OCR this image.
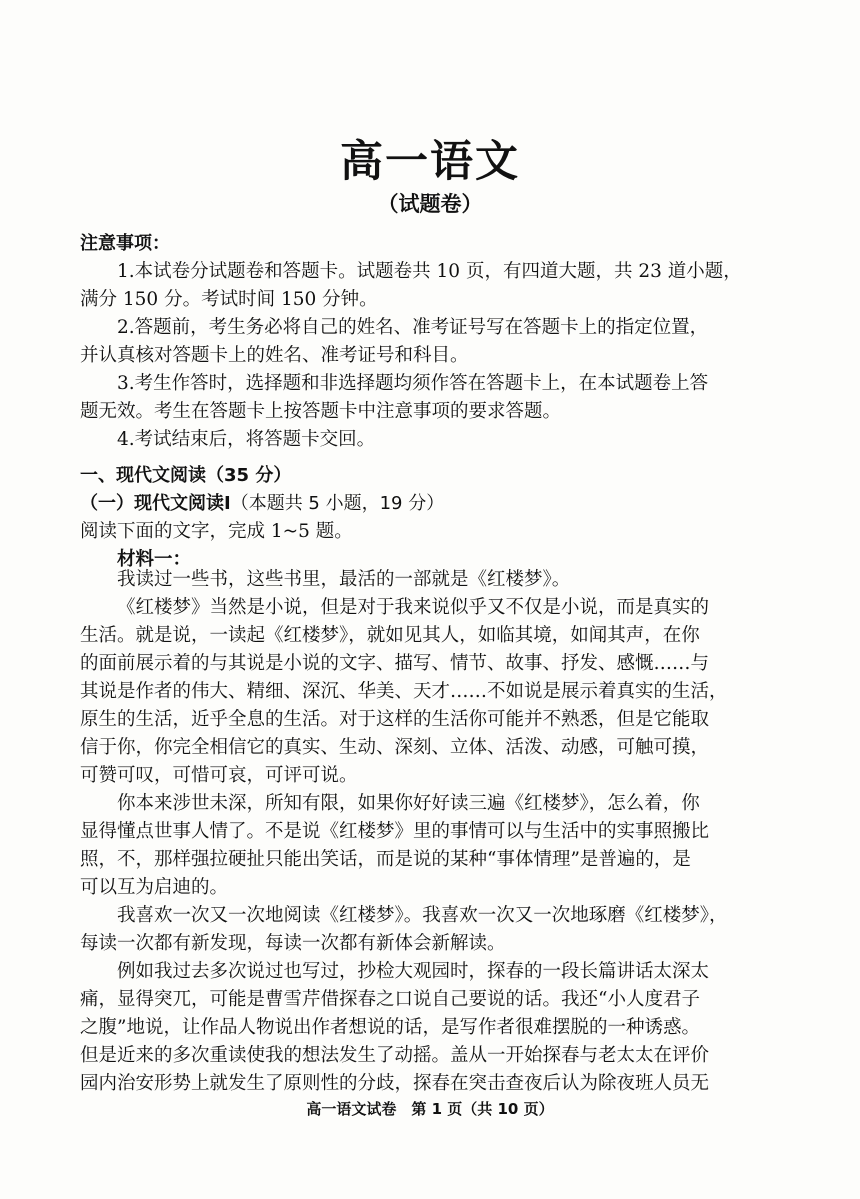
高一语文
（试题卷）
注意事项：
1.本试卷分试题卷和答题卡。试题卷共 10 页，有四道大题，共 23 道小题，
满分 150 分。考试时间 150 分钟。
2.答题前，考生务必将自己的姓名、准考证号写在答题卡上的指定位置，
并认真核对答题卡上的姓名、准考证号和科目。
3.考生作答时，选择题和非选择题均须作答在答题卡上，在本试题卷上答
题无效。考生在答题卡上按答题卡中注意事项的要求答题。
4.考试结束后，将答题卡交回。
一、现代文阅读（35 分）
（一）现代文阅读Ⅰ（本题共 5 小题，19 分）
阅读下面的文字，完成 1~5 题。
材料一：
我读过一些书，这些书里，最活的一部就是《红楼梦》。
《红楼梦》当然是小说，但是对于我来说似乎又不仅是小说，而是真实的
生活。就是说，一读起《红楼梦》，就如见其人，如临其境，如闻其声，在你
的面前展示着的与其说是小说的文字、描写、情节、故事、抒发、感慨……与
其说是作者的伟大、精细、深沉、华美、天才……不如说是展示着真实的生活，
原生的生活，近乎全息的生活。对于这样的生活你可能并不熟悉，但是它能取
信于你，你完全相信它的真实、生动、深刻、立体、活泼、动感，可触可摸，
可赞可叹，可惜可哀，可评可说。
你本来涉世未深，所知有限，如果你好好读三遍《红楼梦》，怎么着，你
显得懂点世事人情了。不是说《红楼梦》里的事情可以与生活中的实事照搬比
照，不，那样强拉硬扯只能出笑话，而是说的某种“事体情理”是普遍的，是
可以互为启迪的。
我喜欢一次又一次地阅读《红楼梦》。我喜欢一次又一次地琢磨《红楼梦》，
每读一次都有新发现，每读一次都有新体会新解读。
例如我过去多次说过也写过，抄检大观园时，探春的一段长篇讲话太深太
痛，显得突兀，可能是曹雪芹借探春之口说自己要说的话。我还“小人度君子
之腹”地说，让作品人物说出作者想说的话，是写作者很难摆脱的一种诱惑。
但是近来的多次重读使我的想法发生了动摇。盖从一开始探春与老太太在评价
园内治安形势上就发生了原则性的分歧，探春在突击查夜后认为除夜班人员无
高一语文试卷　第 1 页（共 10 页）
